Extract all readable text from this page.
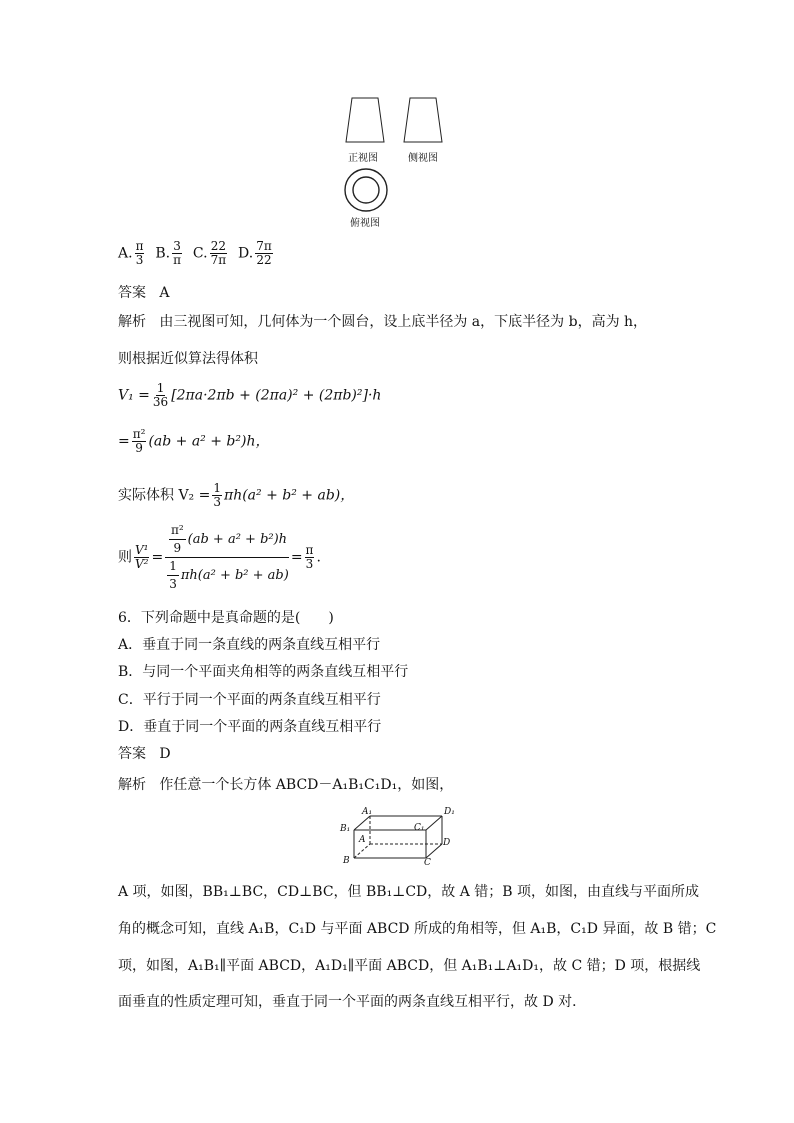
正视图	侧视图
俯视图
A. $\frac{\pi}{3} B$. $\frac{3}{\pi} C$. $\frac{22}{7\pi} D$. $\frac{7\pi}{22}$
答案 A
解析 由三视图可知，几何体为一个圆台，设上底半径为 a，下底半径为 b，高为 h，
则根据近似算法得体积
$V_1 = \frac{1}{36} [2\pi a\cdot 2\pi b + (2\pi a)^2 + (2\pi b)^2]\cdot h$
= $\frac{\text{π²}}{9} (ab + a^2 + b^2)h$，
实际体积 $V_2 = \frac{1}{3} \pi h(a^2 + b^2 + ab)$，
则 $\frac{\text{V¹}}{\text{V²}} = \frac{\frac{\text{π²}}{9} (ab + a^2 + b^2)h}{\frac{1}{3} \pi h(a^2 + b^2 + ab)} = \frac{\pi}{3}$ .
6．下列命题中是真命题的是(　　)
A．垂直于同一条直线的两条直线互相平行
B．与同一个平面夹角相等的两条直线互相平行
C．平行于同一个平面的两条直线互相平行
D．垂直于同一个平面的两条直线互相平行
答案 D
解析 作任意一个长方体 ABCD－A₁B₁C₁D₁，如图，
A₁	D₁
B₁	C₁
A	D
B	C
A 项，如图，BB₁⊥BC，CD⊥BC，但 BB₁⊥CD，故 A 错；B 项，如图，由直线与平面所成
角的概念可知，直线 A₁B，C₁D 与平面 ABCD 所成的角相等，但 A₁B，C₁D 异面，故 B 错；C
项，如图，A₁B₁∥平面 ABCD，A₁D₁∥平面 ABCD，但 A₁B₁⊥A₁D₁，故 C 错；D 项，根据线
面垂直的性质定理可知，垂直于同一个平面的两条直线互相平行，故 D 对．
